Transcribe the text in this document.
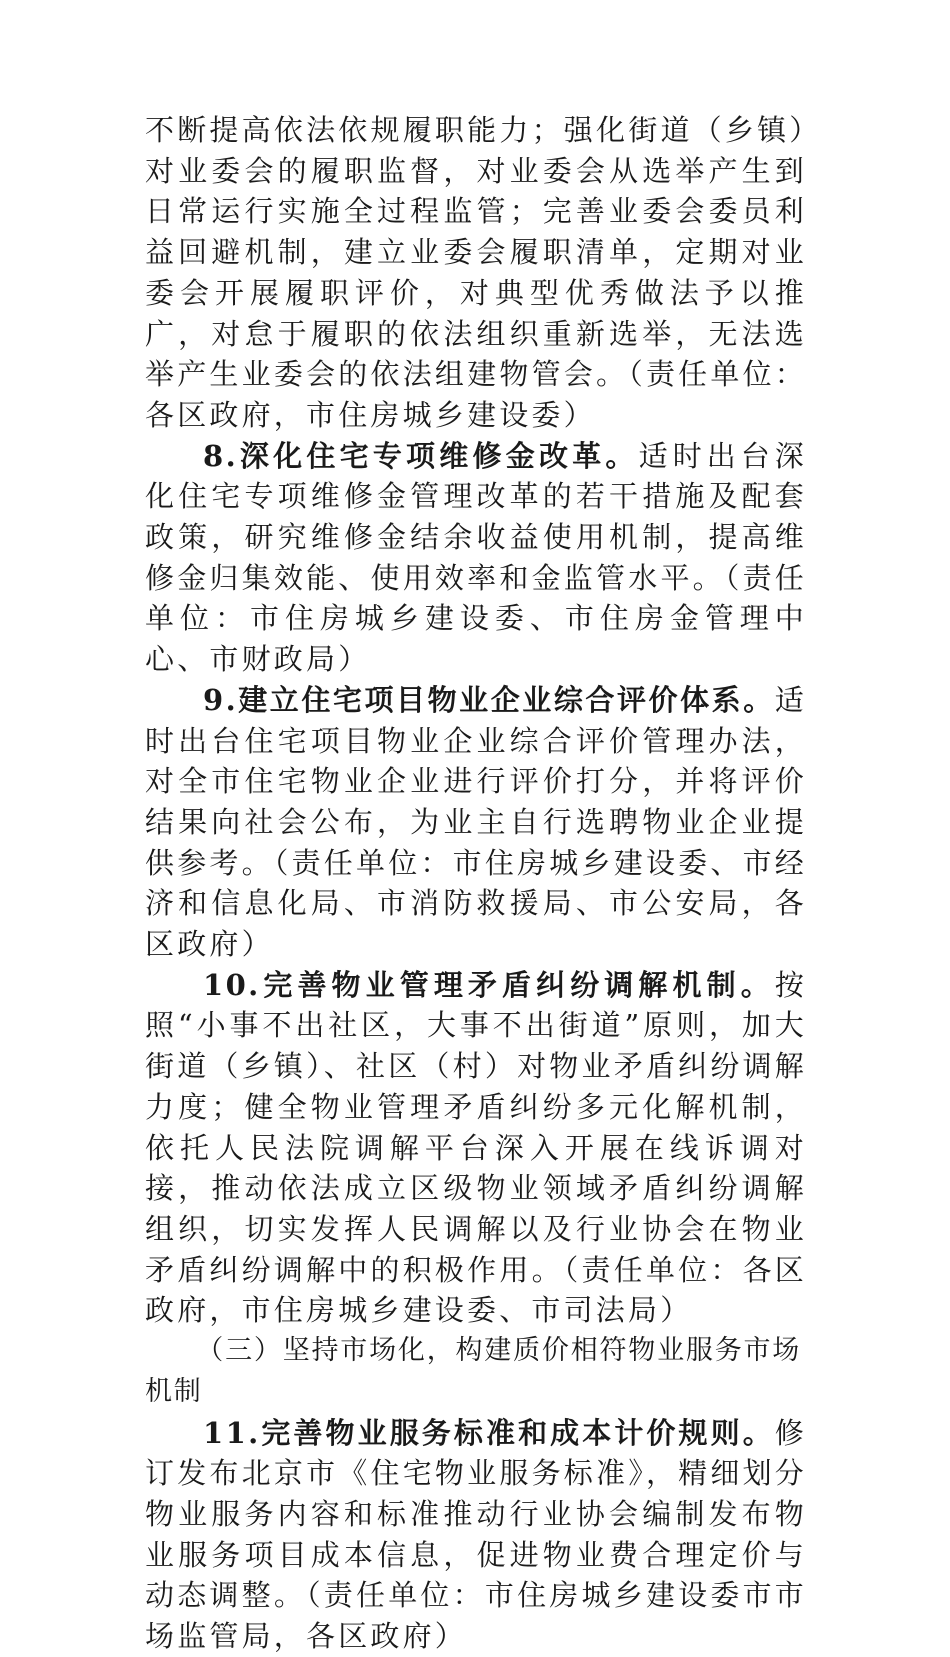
不断提高依法依规履职能力；强化街道（乡镇）对业委会的履职监督，对业委会从选举产生到日常运行实施全过程监管；完善业委会委员利益回避机制，建立业委会履职清单，定期对业委会开展履职评价，对典型优秀做法予以推广，对怠于履职的依法组织重新选举，无法选举产生业委会的依法组建物管会。（责任单位：各区政府，市住房城乡建设委）

8.深化住宅专项维修金改革。适时出台深化住宅专项维修金管理改革的若干措施及配套政策，研究维修金结余收益使用机制，提高维修金归集效能、使用效率和金监管水平。（责任单位：市住房城乡建设委、市住房金管理中心、市财政局）

9.建立住宅项目物业企业综合评价体系。适时出台住宅项目物业企业综合评价管理办法，对全市住宅物业企业进行评价打分，并将评价结果向社会公布，为业主自行选聘物业企业提供参考。（责任单位：市住房城乡建设委、市经济和信息化局、市消防救援局、市公安局，各区政府）

10.完善物业管理矛盾纠纷调解机制。按照“小事不出社区，大事不出街道”原则，加大街道（乡镇）、社区（村）对物业矛盾纠纷调解力度；健全物业管理矛盾纠纷多元化解机制，依托人民法院调解平台深入开展在线诉调对接，推动依法成立区级物业领域矛盾纠纷调解组织，切实发挥人民调解以及行业协会在物业矛盾纠纷调解中的积极作用。（责任单位：各区政府，市住房城乡建设委、市司法局）

（三）坚持市场化，构建质价相符物业服务市场机制

11.完善物业服务标准和成本计价规则。修订发布北京市《住宅物业服务标准》，精细划分物业服务内容和标准推动行业协会编制发布物业服务项目成本信息，促进物业费合理定价与动态调整。（责任单位：市住房城乡建设委市市场监管局，各区政府）
